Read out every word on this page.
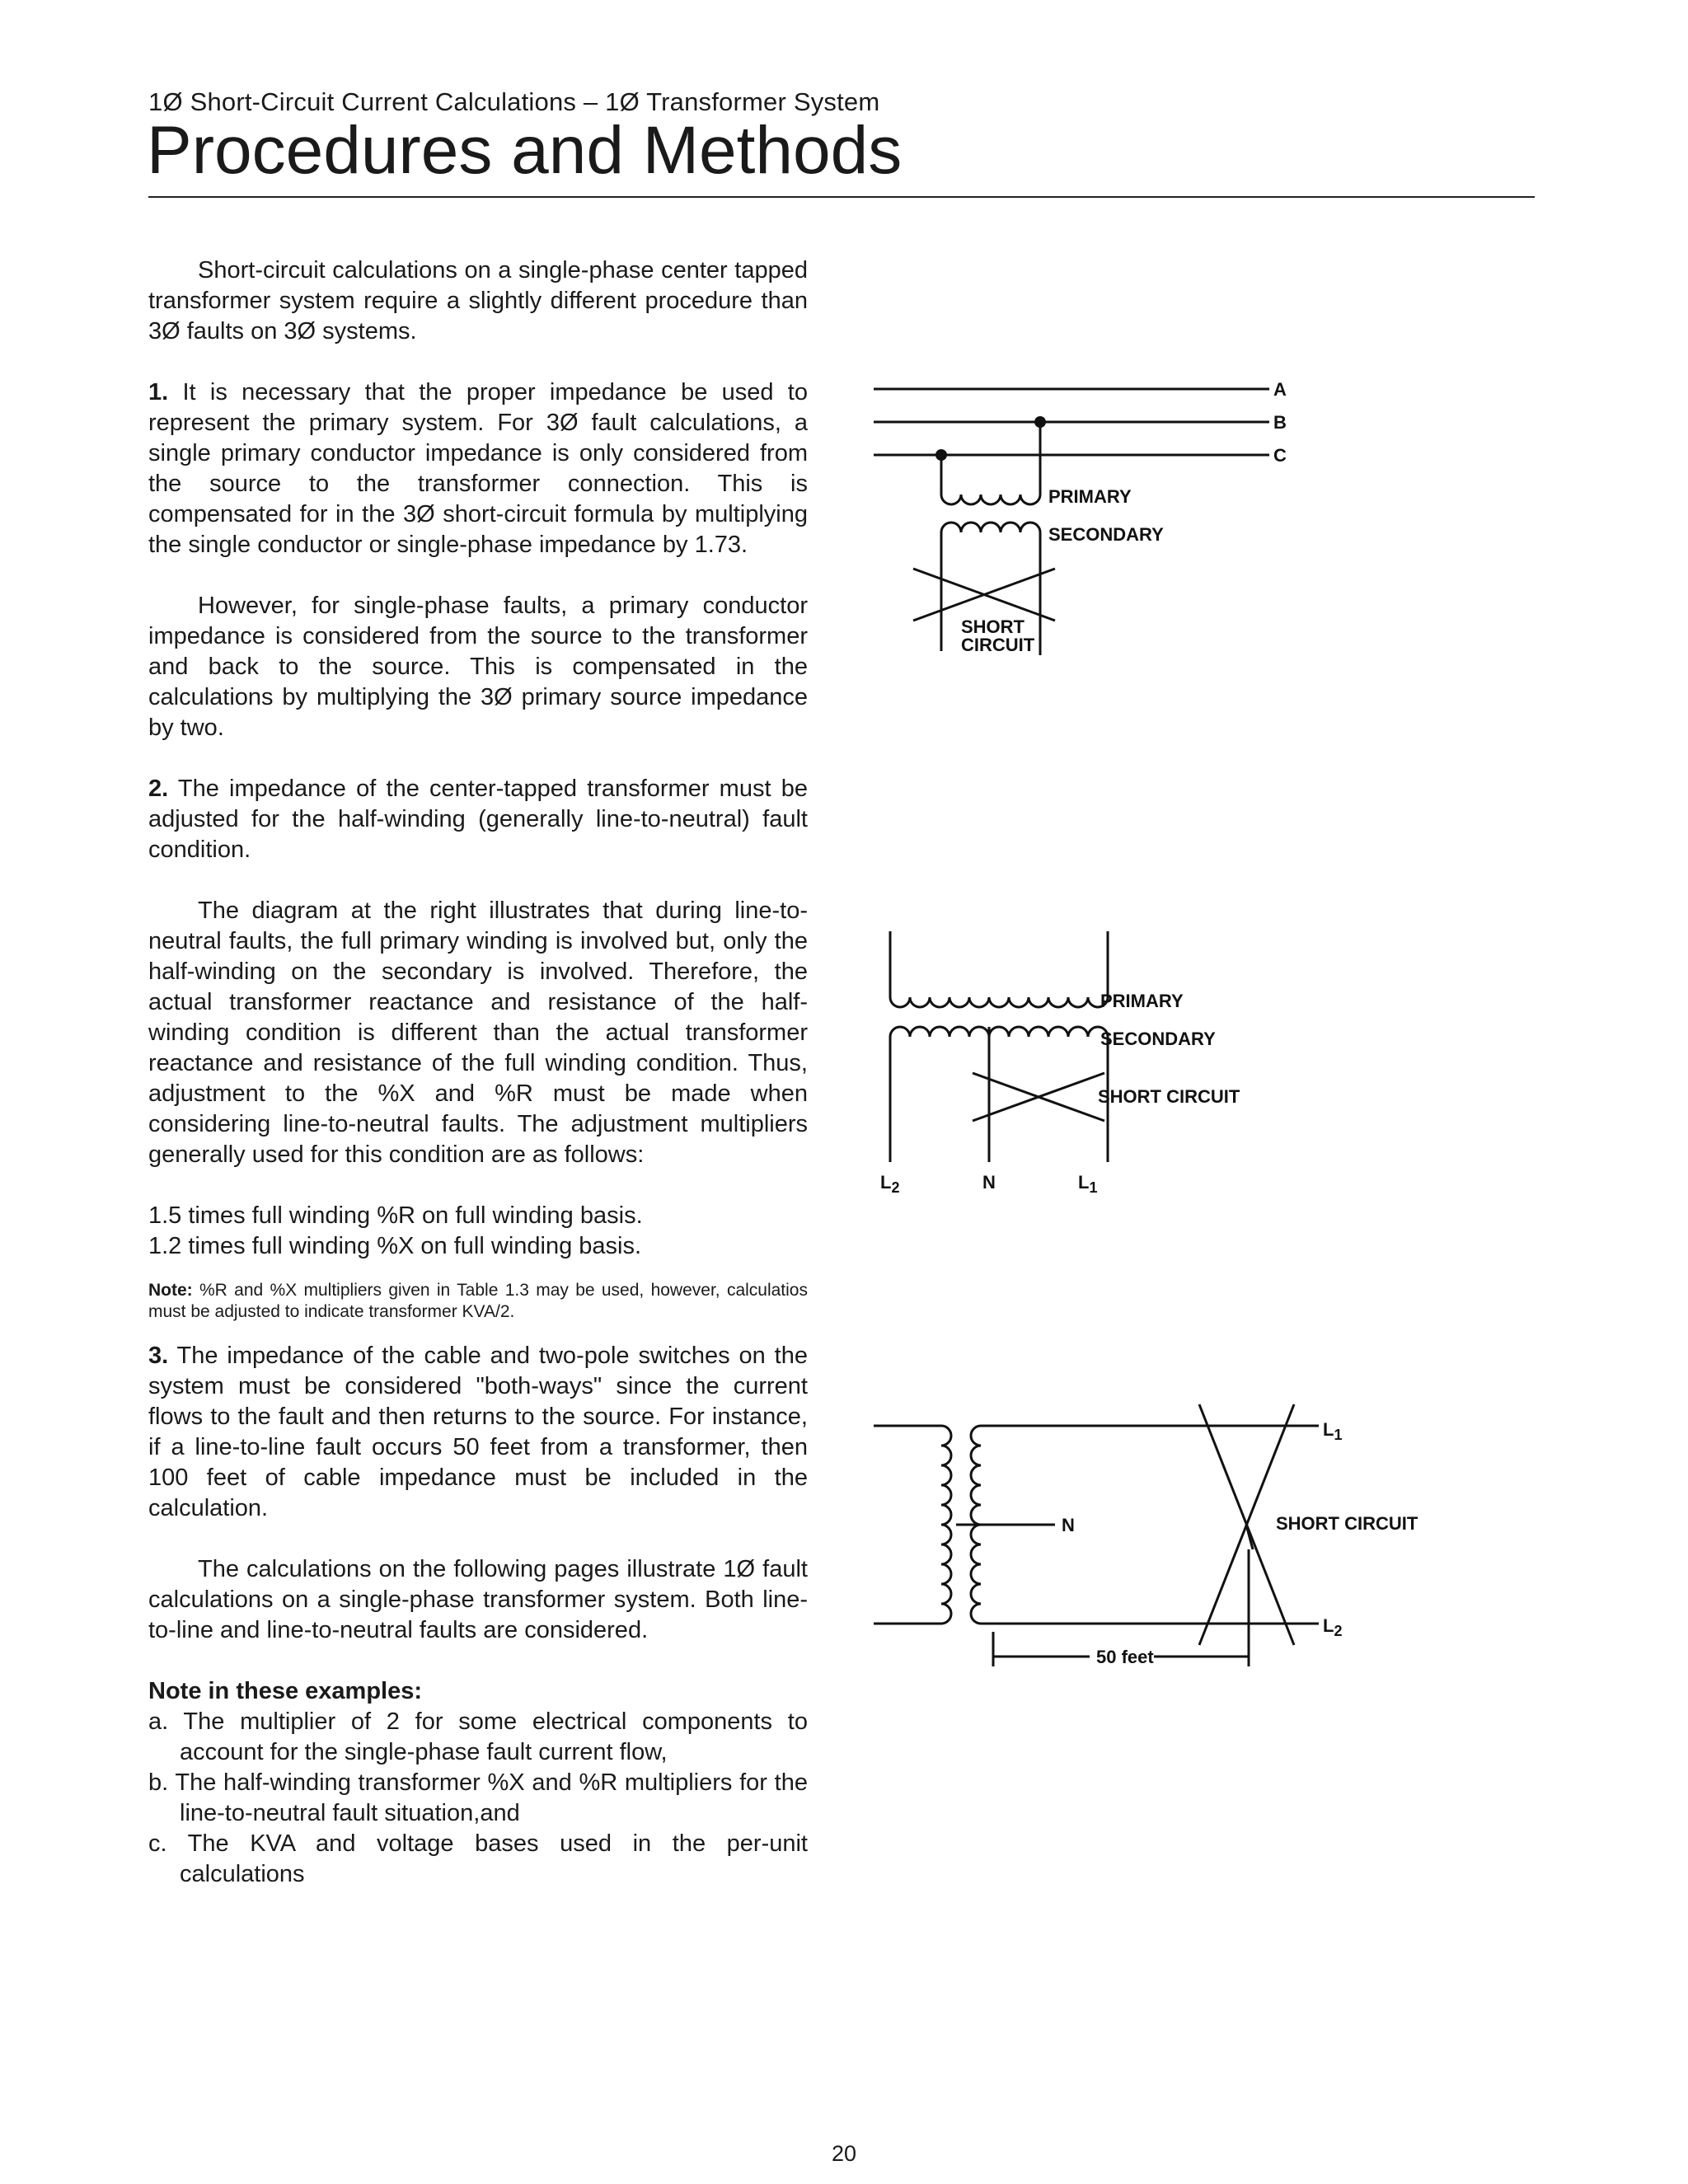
1Ø Short-Circuit Current Calculations – 1Ø Transformer System
Procedures and Methods

Short-circuit calculations on a single-phase center tapped transformer system require a slightly different procedure than 3Ø faults on 3Ø systems.

1. It is necessary that the proper impedance be used to represent the primary system. For 3Ø fault calculations, a single primary conductor impedance is only considered from the source to the transformer connection. This is compensated for in the 3Ø short-circuit formula by multiplying the single conductor or single-phase impedance by 1.73.

However, for single-phase faults, a primary conductor impedance is considered from the source to the transformer and back to the source. This is compensated in the calculations by multiplying the 3Ø primary source impedance by two.

2. The impedance of the center-tapped transformer must be adjusted for the half-winding (generally line-to-neutral) fault condition.

The diagram at the right illustrates that during line-to-neutral faults, the full primary winding is involved but, only the half-winding on the secondary is involved. Therefore, the actual transformer reactance and resistance of the half-winding condition is different than the actual transformer reactance and resistance of the full winding condition. Thus, adjustment to the %X and %R must be made when considering line-to-neutral faults. The adjustment multipliers generally used for this condition are as follows:

1.5 times full winding %R on full winding basis.

1.2 times full winding %X on full winding basis.

Note: %R and %X multipliers given in Table 1.3 may be used, however, calculatios must be adjusted to indicate transformer KVA/2.

3. The impedance of the cable and two-pole switches on the system must be considered "both-ways" since the current flows to the fault and then returns to the source. For instance, if a line-to-line fault occurs 50 feet from a transformer, then 100 feet of cable impedance must be included in the calculation.

The calculations on the following pages illustrate 1Ø fault calculations on a single-phase transformer system. Both line-to-line and line-to-neutral faults are considered.

Note in these examples:

a. The multiplier of 2 for some electrical components to account for the single-phase fault current flow,

b. The half-winding transformer %X and %R multipliers for the line-to-neutral fault situation,and

c. The KVA and voltage bases used in the per-unit calculations

A
B
C
PRIMARY
SECONDARY
SHORT
CIRCUIT
PRIMARY
SECONDARY
SHORT CIRCUIT
$L_2$	N	$L_1$
50 feet
$L_1$
$L_2$
N	SHORT CIRCUIT
20
